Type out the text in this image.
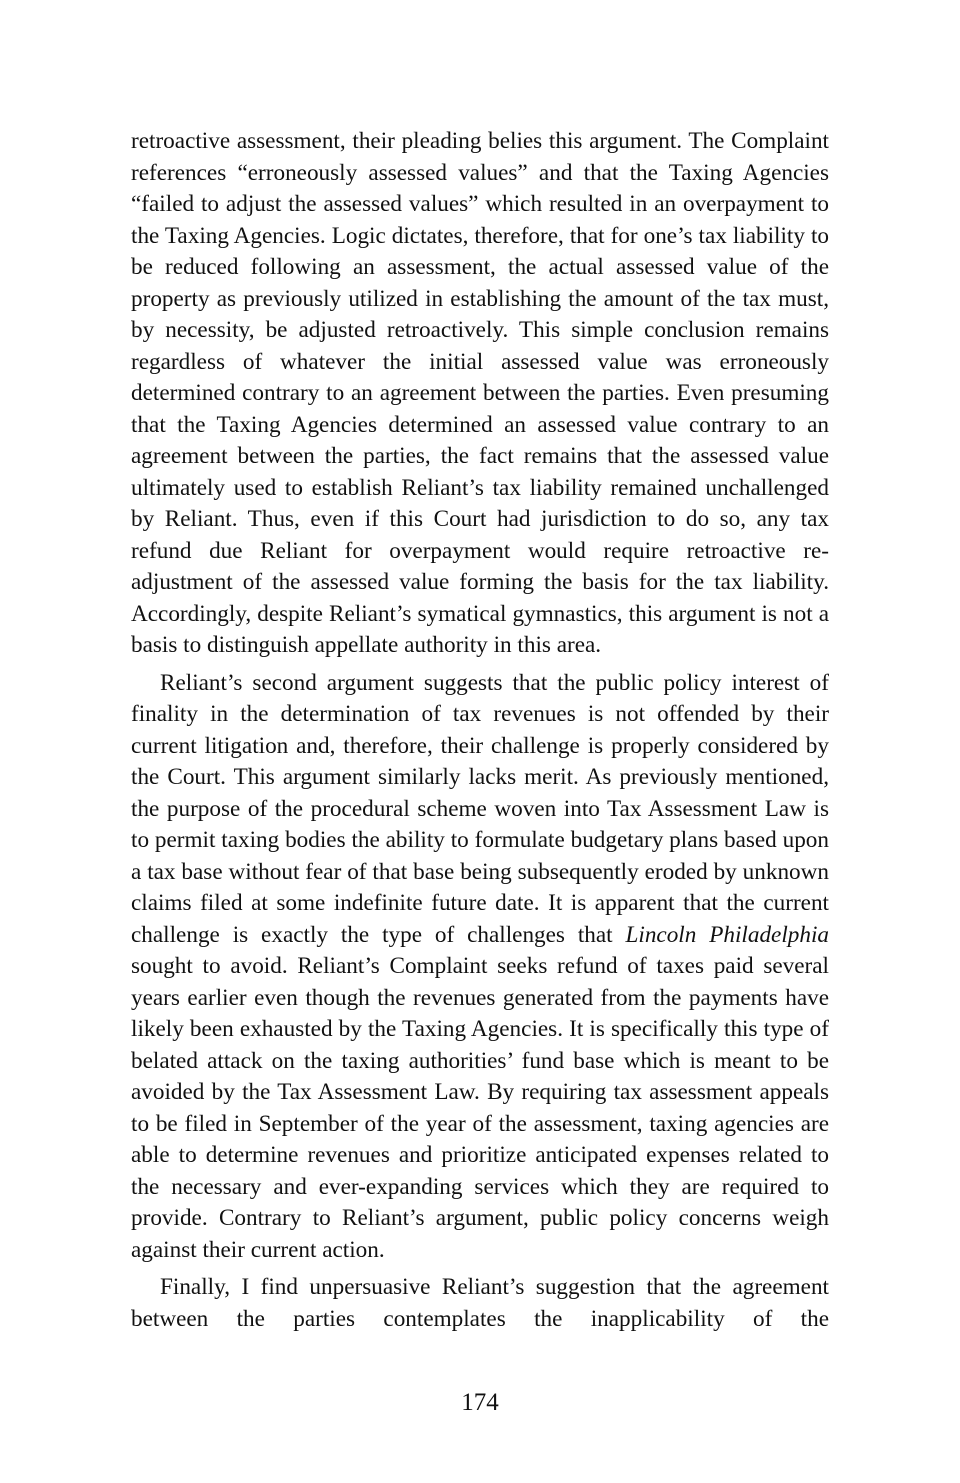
retroactive assessment, their pleading belies this argument. The Complaint references “erroneously assessed values” and that the Taxing Agencies “failed to adjust the assessed values” which resulted in an overpayment to the Taxing Agencies. Logic dictates, therefore, that for one’s tax liability to be reduced following an assessment, the actual assessed value of the property as previously utilized in establishing the amount of the tax must, by necessity, be adjusted retroactively. This simple conclusion remains regardless of whatever the initial assessed value was erroneously determined contrary to an agreement between the parties. Even presuming that the Taxing Agencies determined an assessed value contrary to an agreement between the parties, the fact remains that the assessed value ultimately used to establish Reliant’s tax liability remained unchallenged by Reliant. Thus, even if this Court had jurisdiction to do so, any tax refund due Reliant for overpayment would require retroactive re-adjustment of the assessed value forming the basis for the tax liability. Accordingly, despite Reliant’s symatical gymnastics, this argument is not a basis to distinguish appellate authority in this area.

Reliant’s second argument suggests that the public policy interest of finality in the determination of tax revenues is not offended by their current litigation and, therefore, their challenge is properly considered by the Court. This argument similarly lacks merit. As previously mentioned, the purpose of the procedural scheme woven into Tax Assessment Law is to permit taxing bodies the ability to formulate budgetary plans based upon a tax base without fear of that base being subsequently eroded by unknown claims filed at some indefinite future date. It is apparent that the current challenge is exactly the type of challenges that Lincoln Philadelphia sought to avoid. Reliant’s Complaint seeks refund of taxes paid several years earlier even though the revenues generated from the payments have likely been exhausted by the Taxing Agencies. It is specifically this type of belated attack on the taxing authorities’ fund base which is meant to be avoided by the Tax Assessment Law. By requiring tax assessment appeals to be filed in September of the year of the assessment, taxing agencies are able to determine revenues and prioritize anticipated expenses related to the necessary and ever-expanding services which they are required to provide. Contrary to Reliant’s argument, public policy concerns weigh against their current action.

Finally, I find unpersuasive Reliant’s suggestion that the agreement between the parties contemplates the inapplicability of the

174
